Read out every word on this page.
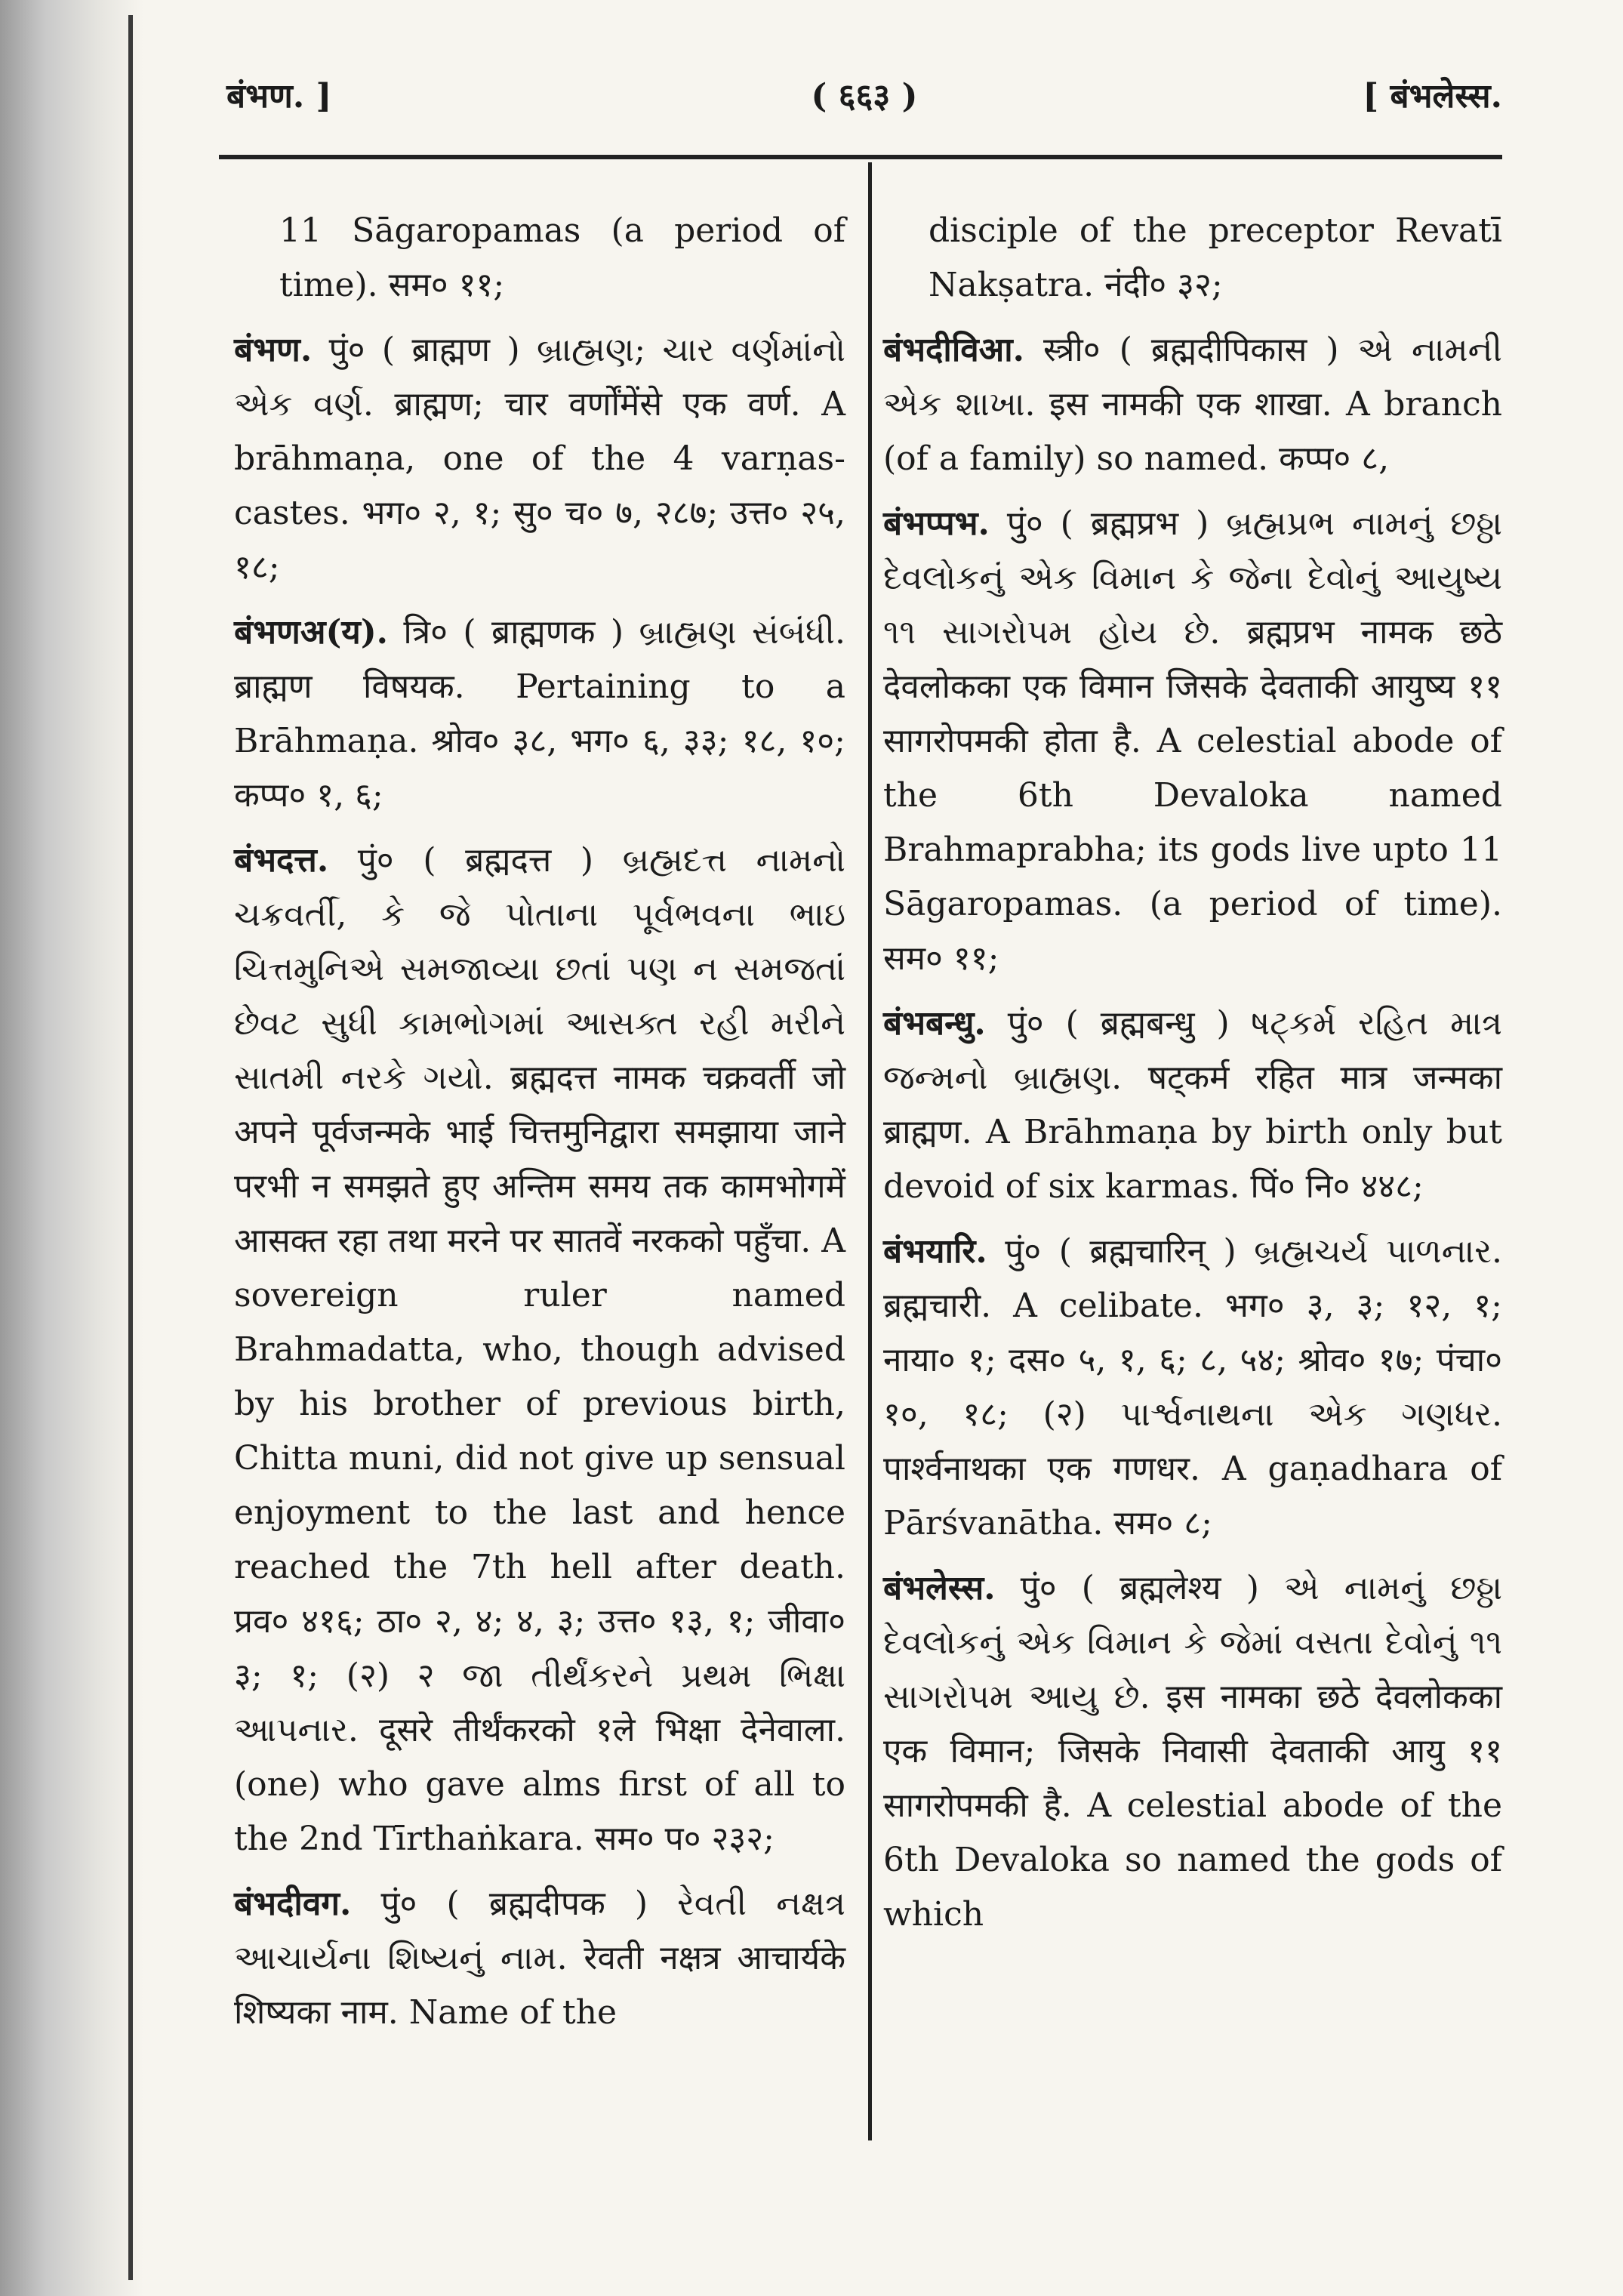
बंभण. ]	( ६६३ )	[ बंभलेस्स.

11 Sāgaropamas (a period of time). सम० ११;

बंभण. पुं० ( ब्राह्मण ) બ્રાહ્મણ; ચાર વર્ણમાંનો એક વર્ણ. ब्राह्मण; चार वर्णोंमेंसे एक वर्ण. A brāhmaṇa, one of the 4 varṇas-castes. भग० २, १; सु० च० ७, २८७; उत्त० २५, १८;

बंभणअ(य). त्रि० ( ब्राह्मणक ) બ્રાહ્મણ સંબંધી. ब्राह्मण विषयक. Pertaining to a Brāhmaṇa. श्रोव० ३८, भग० ६, ३३; १८, १०; कप्प० १, ६;

बंभदत्त. पुं० ( ब्रह्मदत्त ) બ્રહ્મદત્ત નામનો ચક્રવર્તી, કે જે પોતાના પૂર્વભવના ભાઇ ચિત્તમુનિએ સમજાવ્યા છતાં પણ ન સમજતાં છેવટ સુધી કામભોગમાં આસક્ત રહી મરીને સાતમી નરકે ગયો. ब्रह्मदत्त नामक चक्रवर्ती जो अपने पूर्वजन्मके भाई चित्तमुनिद्वारा समझाया जाने परभी न समझते हुए अन्तिम समय तक कामभोगमें आसक्त रहा तथा मरने पर सातवें नरकको पहुँचा. A sovereign ruler named Brahmadatta, who, though advised by his brother of previous birth, Chitta muni, did not give up sensual enjoyment to the last and hence reached the 7th hell after death. प्रव० ४१६; ठा० २, ४; ४, ३; उत्त० १३, १; जीवा० ३; १; (२) २ જા તીર્થંકરને પ્રથમ ભિક્ષા આપનાર. दूसरे तीर्थंकरको १ले भिक्षा देनेवाला. (one) who gave alms first of all to the 2nd Tīrthaṅkara. सम० प० २३२;

बंभदीवग. पुं० ( ब्रह्मदीपक ) રેવતી નક્ષત્ર આચાર્યના શિષ્યનું નામ. रेवती नक्षत्र आचार्यके शिष्यका नाम. Name of the

disciple of the preceptor Revatī Nakṣatra. नंदी० ३२;

बंभदीविआ. स्त्री० ( ब्रह्मदीपिकास ) એ નામની એક શાખા. इस नामकी एक शाखा. A branch (of a family) so named. कप्प० ८,

बंभप्पभ. पुं० ( ब्रह्मप्रभ ) બ્રહ્મપ્રભ નામનું છઠ્ઠા દેવલોકનું એક વિમાન કે જેના દેવોનું આયુષ્ય ૧૧ સાગરોપમ હોય છે. ब्रह्मप्रभ नामक छठे देवलोकका एक विमान जिसके देवताकी आयुष्य ११ सागरोपमकी होता है. A celestial abode of the 6th Devaloka named Brahmaprabha; its gods live upto 11 Sāgaropamas. (a period of time). सम० ११;

बंभबन्धु. पुं० ( ब्रह्मबन्धु ) ષટ્કર્મ રહિત માત્ર જન્મનો બ્રાહ્મણ. षट्कर्म रहित मात्र जन्मका ब्राह्मण. A Brāhmaṇa by birth only but devoid of six karmas. पिं० नि० ४४८;

बंभयारि. पुं० ( ब्रह्मचारिन् ) બ્રહ્મચર્ય પાળનાર. ब्रह्मचारी. A celibate. भग० ३, ३; १२, १; नाया० १; दस० ५, १, ६; ८, ५४; श्रोव० १७; पंचा० १०, १८; (२) પાર્શ્વનાથના એક ગણધર. पार्श्वनाथका एक गणधर. A gaṇadhara of Pārśvanātha. सम० ८;

बंभलेस्स. पुं० ( ब्रह्मलेश्य ) એ નામનું છઠ્ઠા દેવલોકનું એક વિમાન કે જેમાં વસતા દેવોનું ૧૧ સાગરોપમ આયુ છે. इस नामका छठे देवलोकका एक विमान; जिसके निवासी देवताकी आयु ११ सागरोपमकी है. A celestial abode of the 6th Devaloka so named the gods of which
